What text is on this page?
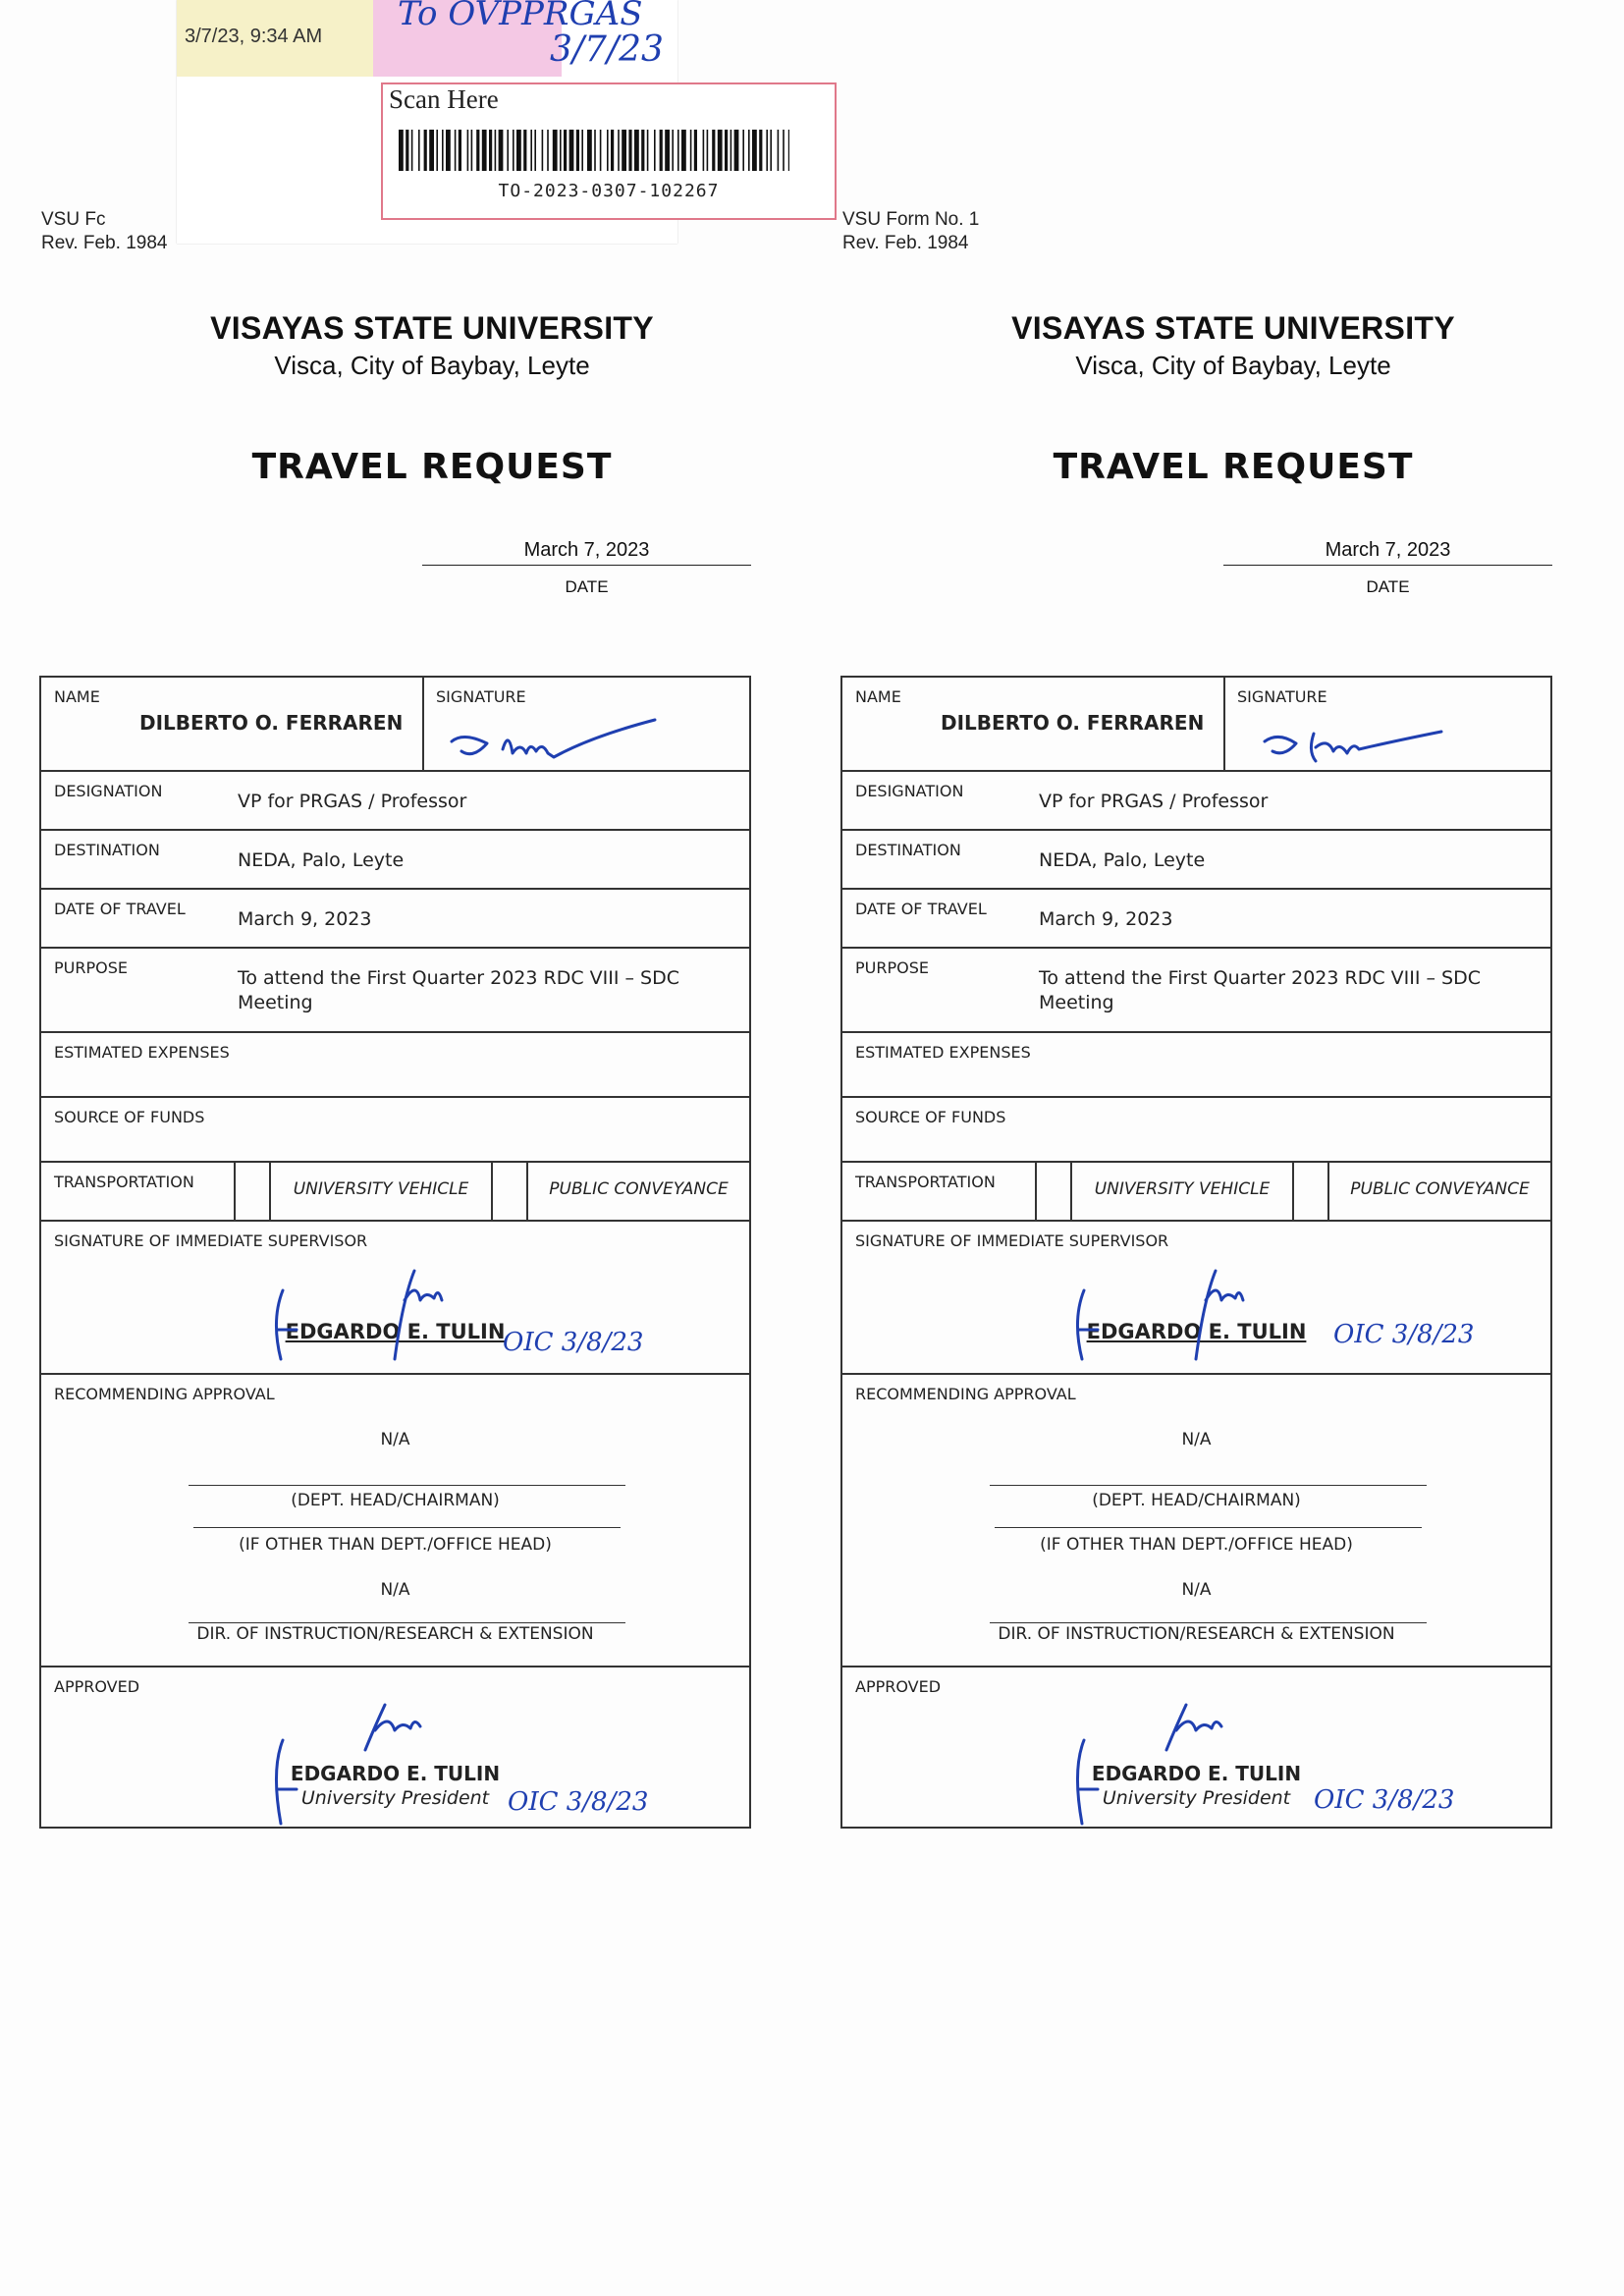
3/7/23, 9:34 AM
To OVPPRGAS
3/7/23
Scan Here
TO-2023-0307-102267
VSU Fc
Rev. Feb. 1984
VISAYAS STATE UNIVERSITY
Visca, City of Baybay, Leyte
TRAVEL REQUEST
March 7, 2023
DATE
NAME
DILBERTO O. FERRAREN
SIGNATURE
DESIGNATION	VP for PRGAS / Professor
DESTINATION	NEDA, Palo, Leyte
DATE OF TRAVEL	March 9, 2023
PURPOSE	To attend the First Quarter 2023 RDC VIII – SDC
Meeting
ESTIMATED EXPENSES
SOURCE OF FUNDS
TRANSPORTATION	UNIVERSITY VEHICLE	PUBLIC CONVEYANCE
SIGNATURE OF IMMEDIATE SUPERVISOR
EDGARDO E. TULIN
OIC 3/8/23
RECOMMENDING APPROVAL
N/A
(DEPT. HEAD/CHAIRMAN)
(IF OTHER THAN DEPT./OFFICE HEAD)
N/A
DIR. OF INSTRUCTION/RESEARCH & EXTENSION
APPROVED
EDGARDO E. TULIN
University President OIC 3/8/23
VSU Form No. 1
Rev. Feb. 1984
VISAYAS STATE UNIVERSITY
Visca, City of Baybay, Leyte
TRAVEL REQUEST
March 7, 2023
DATE
NAME
DILBERTO O. FERRAREN
SIGNATURE
DESIGNATION	VP for PRGAS / Professor
DESTINATION	NEDA, Palo, Leyte
DATE OF TRAVEL	March 9, 2023
PURPOSE	To attend the First Quarter 2023 RDC VIII – SDC
Meeting
ESTIMATED EXPENSES
SOURCE OF FUNDS
TRANSPORTATION	UNIVERSITY VEHICLE	PUBLIC CONVEYANCE
SIGNATURE OF IMMEDIATE SUPERVISOR
EDGARDO E. TULIN	OIC 3/8/23
RECOMMENDING APPROVAL
N/A
(DEPT. HEAD/CHAIRMAN)
(IF OTHER THAN DEPT./OFFICE HEAD)
N/A
DIR. OF INSTRUCTION/RESEARCH & EXTENSION
APPROVED
EDGARDO E. TULIN
University President OIC 3/8/23
